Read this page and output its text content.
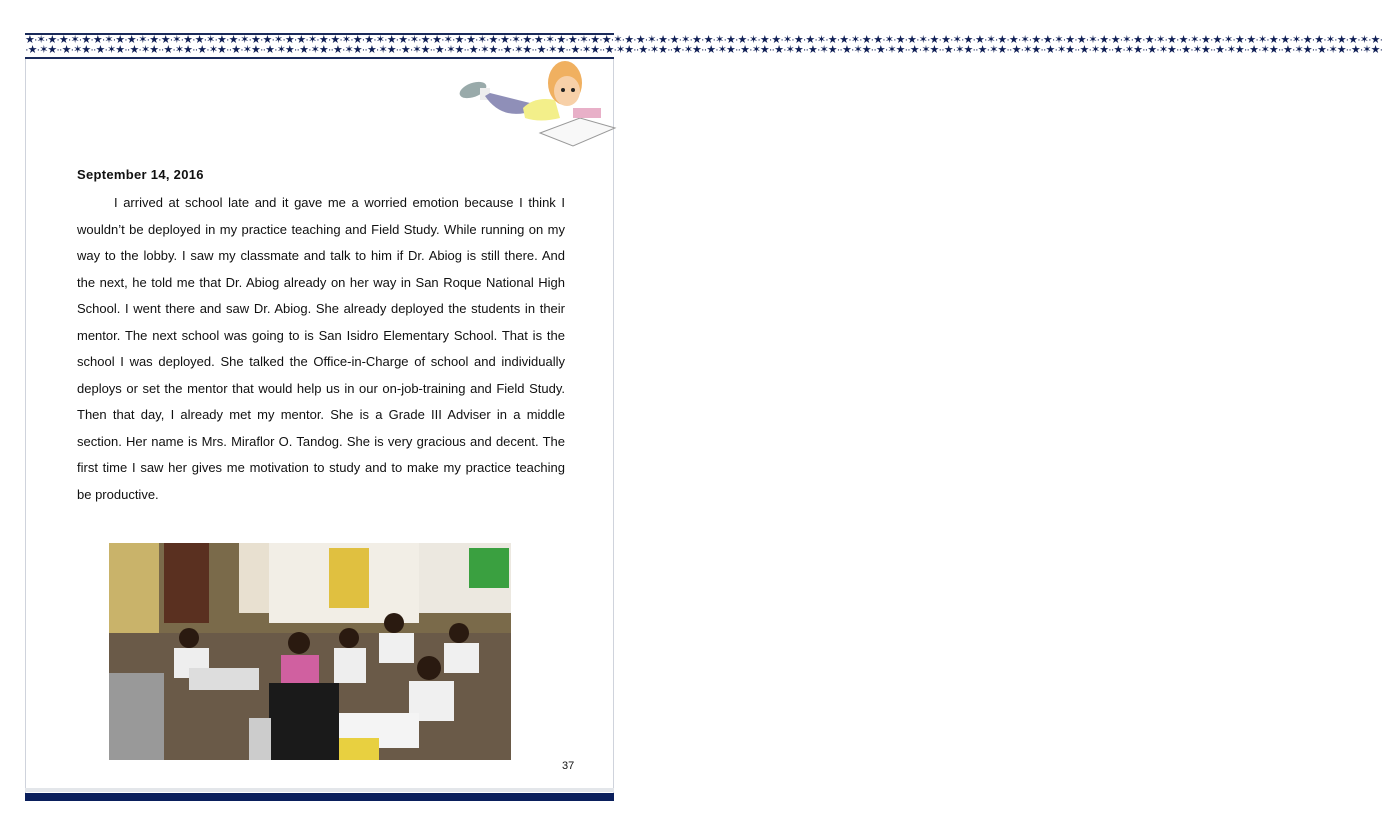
★·✶·★·★·✶·★·★·✶·★·★·✶·★·★·✶·★·★·✶·★·★·✶·★·★·✶·★·★·✶·★·★·✶·★·★·✶·★·★·✶·★·★·✶·★·★·✶·★·★·✶·★·★·✶·★·★·✶·★·★·✶·★·★·✶·★·★·✶·★·★·✶·★·★·✶·★·★·✶·★·★·✶·★·★·✶·★·★·✶·★·★·✶·★·★·✶·★·★·✶·★·★·✶·★·★·✶·★·★·✶·★·★·✶·★·★·✶·★·★·✶·★·★·✶·★·★·✶·★·★·✶·★·★·✶·★·★·✶·★·
·★·✶★··★·✶★··★·✶★··★·✶★··★·✶★··★·✶★··★·✶★··★·✶★··★·✶★··★·✶★··★·✶★··★·✶★··★·✶★··★·✶★··★·✶★··★·✶★··★·✶★··★·✶★··★·✶★··★·✶★··★·✶★··★·✶★··★·✶★··★·✶★··★·✶★··★·✶★··★·✶★··★·✶★··★·✶★··★·✶★··★·✶★··★·✶★··★·✶★··★·✶★··★·✶★··★·✶★··★·✶★··★·✶★··★·✶★··★·✶★·
September 14, 2016
I arrived at school late and it gave me a worried emotion because I think I
wouldn’t be deployed in my practice teaching and Field Study. While running on my
way to the lobby. I saw my classmate and talk to him if Dr. Abiog is still there. And
the next, he told me that Dr. Abiog already on her way in San Roque National High
School. I went there and saw Dr. Abiog. She already deployed the students in their
mentor. The next school was going to is San Isidro Elementary School. That is the
school I was deployed. She talked the Office-in-Charge of school and individually
deploys or set the mentor that would help us in our on-job-training and Field Study.
Then that day, I already met my mentor. She is a Grade III Adviser in a middle
section. Her name is Mrs. Miraflor O. Tandog. She is very gracious and decent. The
first time I saw her gives me motivation to study and to make my practice teaching
be productive.
37
